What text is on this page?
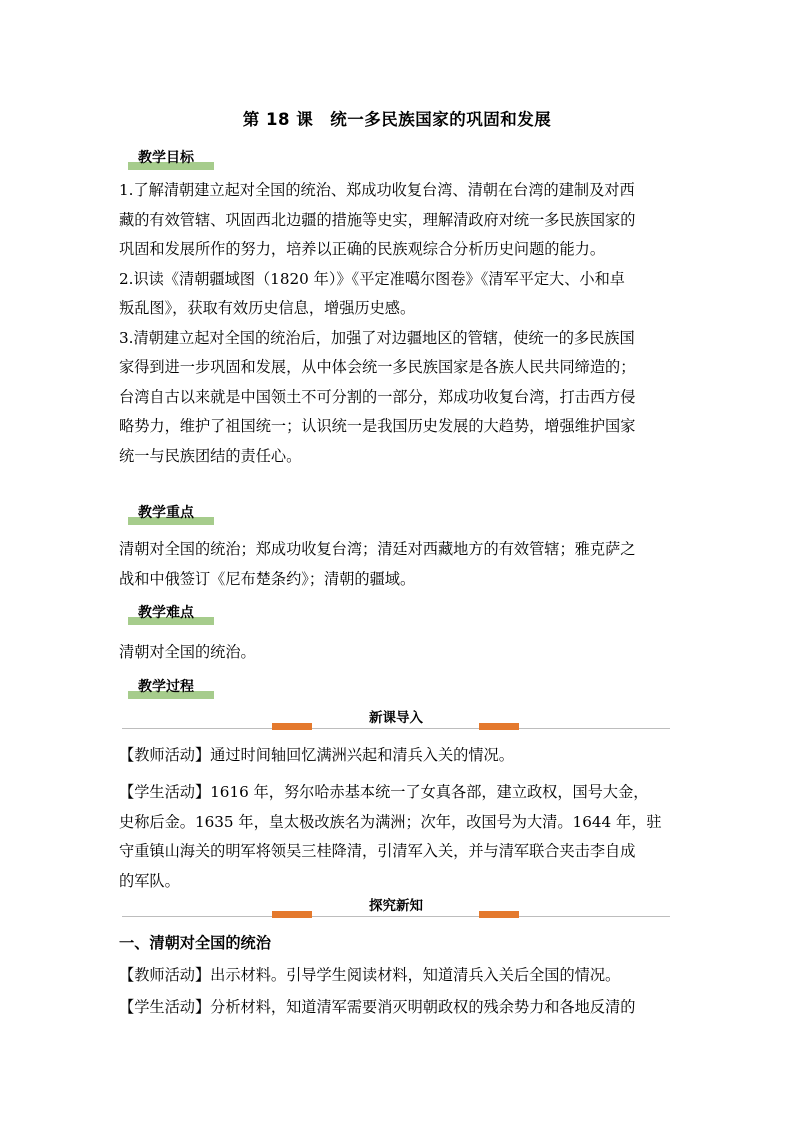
第 18 课　统一多民族国家的巩固和发展
教学目标
1.了解清朝建立起对全国的统治、郑成功收复台湾、清朝在台湾的建制及对西
藏的有效管辖、巩固西北边疆的措施等史实，理解清政府对统一多民族国家的
巩固和发展所作的努力，培养以正确的民族观综合分析历史问题的能力。
2.识读《清朝疆域图（1820 年）》《平定准噶尔图卷》《清军平定大、小和卓
叛乱图》，获取有效历史信息，增强历史感。
3.清朝建立起对全国的统治后，加强了对边疆地区的管辖，使统一的多民族国
家得到进一步巩固和发展，从中体会统一多民族国家是各族人民共同缔造的；
台湾自古以来就是中国领土不可分割的一部分，郑成功收复台湾，打击西方侵
略势力，维护了祖国统一；认识统一是我国历史发展的大趋势，增强维护国家
统一与民族团结的责任心。
教学重点
清朝对全国的统治；郑成功收复台湾；清廷对西藏地方的有效管辖；雅克萨之
战和中俄签订《尼布楚条约》；清朝的疆域。
教学难点
清朝对全国的统治。
教学过程
新课导入
【教师活动】通过时间轴回忆满洲兴起和清兵入关的情况。
【学生活动】1616 年，努尔哈赤基本统一了女真各部，建立政权，国号大金，
史称后金。1635 年，皇太极改族名为满洲；次年，改国号为大清。1644 年，驻
守重镇山海关的明军将领吴三桂降清，引清军入关，并与清军联合夹击李自成
的军队。
探究新知
一、清朝对全国的统治
【教师活动】出示材料。引导学生阅读材料，知道清兵入关后全国的情况。
【学生活动】分析材料，知道清军需要消灭明朝政权的残余势力和各地反清的
